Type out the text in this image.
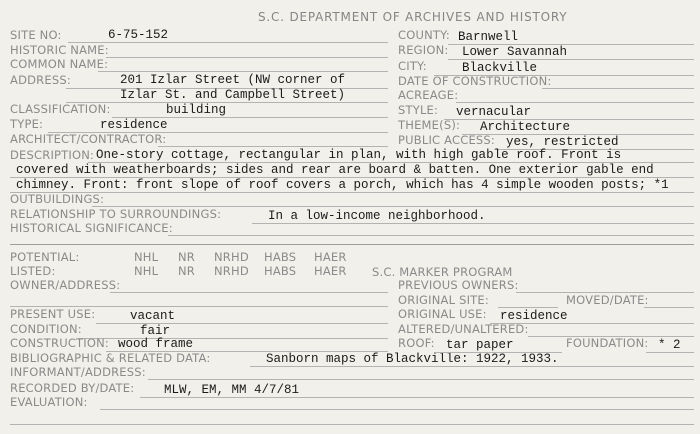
S.C. DEPARTMENT OF ARCHIVES AND HISTORY
SITE NO:	6-75-152
HISTORIC NAME:
COMMON NAME:
ADDRESS:	201 Izlar Street (NW corner of
Izlar St. and Campbell Street)
CLASSIFICATION:	building
TYPE:	residence
ARCHITECT/CONTRACTOR:
COUNTY: Barnwell
REGION: Lower Savannah
CITY:	Blackville
DATE OF CONSTRUCTION:
ACREAGE:
STYLE: vernacular
THEME(S): Architecture
PUBLIC ACCESS: yes, restricted
DESCRIPTION: One-story cottage, rectangular in plan, with high gable roof. Front is
covered with weatherboards; sides and rear are board & batten. One exterior gable end
chimney. Front: front slope of roof covers a porch, which has 4 simple wooden posts; *1
OUTBUILDINGS:
RELATIONSHIP TO SURROUNDINGS:	In a low-income neighborhood.
HISTORICAL SIGNIFICANCE:
POTENTIAL:	NHL NR NRHD HABS HAER
LISTED:	NHL NR NRHD HABS HAER
OWNER/ADDRESS:
PRESENT USE:	vacant
CONDITION:	fair
CONSTRUCTION: wood frame
BIBLIOGRAPHIC & RELATED DATA:	Sanborn maps of Blackville: 1922, 1933.
INFORMANT/ADDRESS:
RECORDED BY/DATE: MLW, EM, MM 4/7/81
EVALUATION:
S.C. MARKER PROGRAM
PREVIOUS OWNERS:
ORIGINAL SITE:	MOVED/DATE:
ORIGINAL USE: residence
ALTERED/UNALTERED:
ROOF: tar paper	FOUNDATION: * 2
